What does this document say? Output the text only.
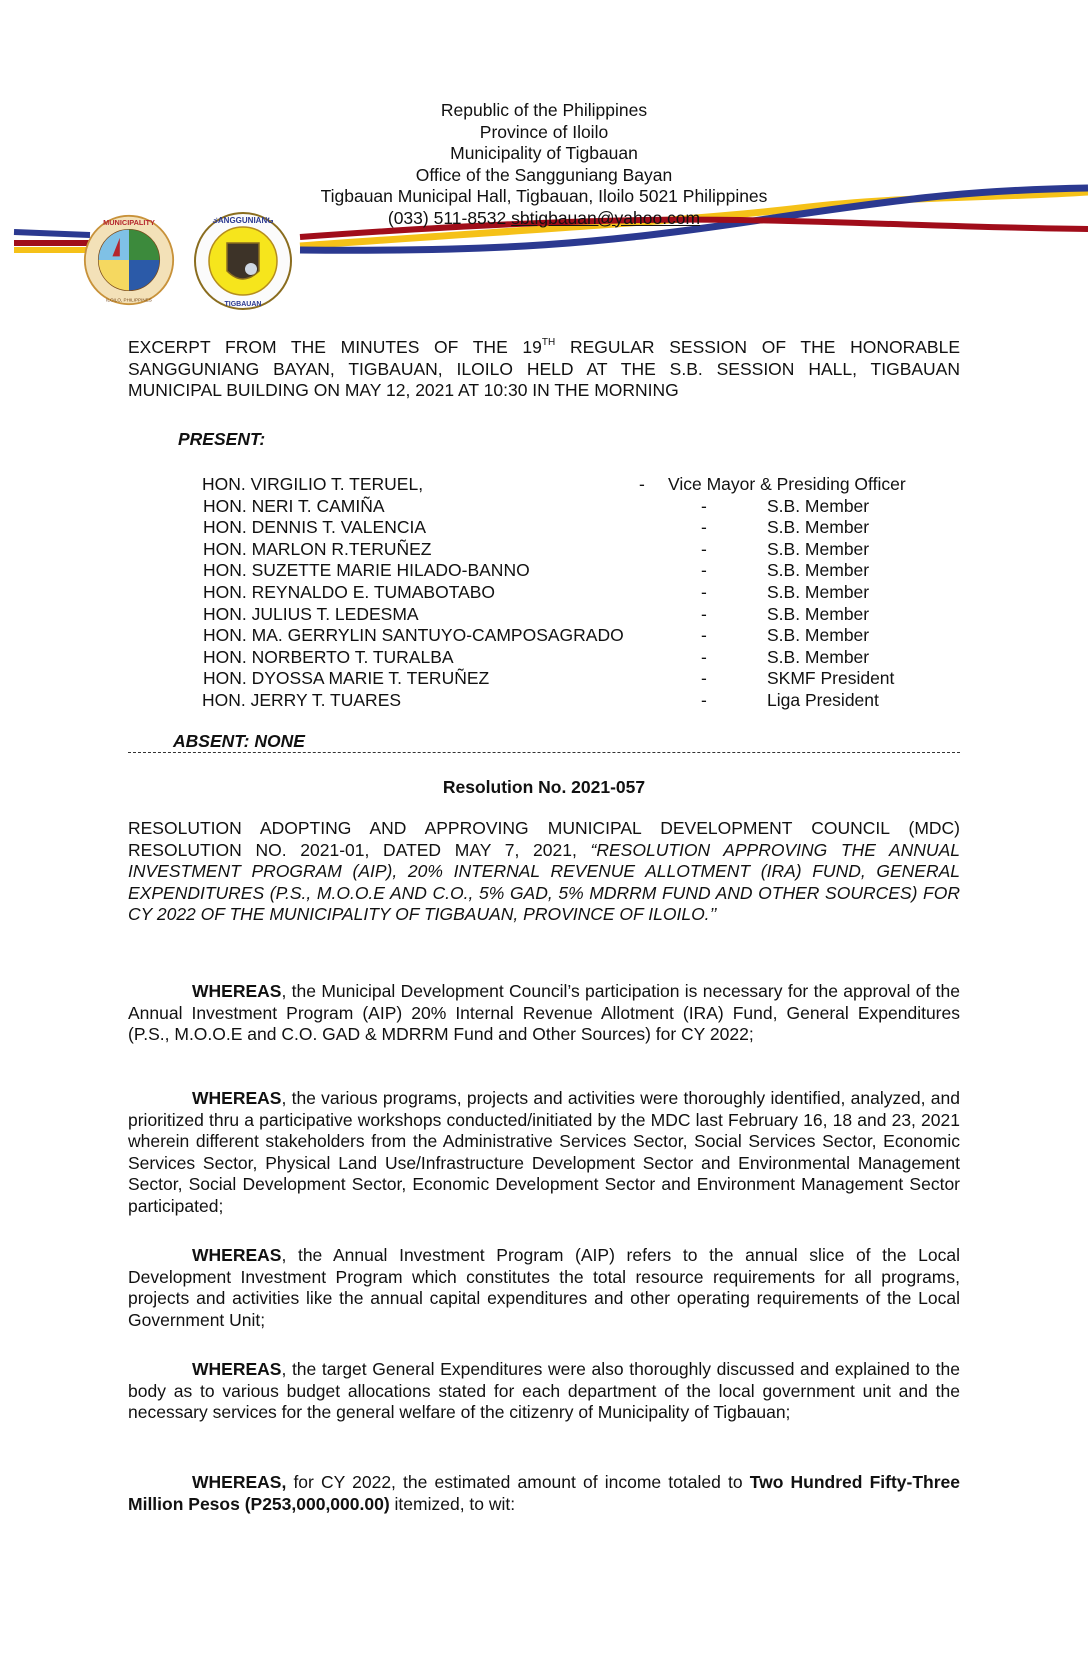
MUNICIPALITY
ILOILO, PHILIPPINES
SANGGUNIANG
TIGBAUAN
Republic of the Philippines
Province of Iloilo
Municipality of Tigbauan
Office of the Sangguniang Bayan
Tigbauan Municipal Hall, Tigbauan, Iloilo 5021 Philippines
(033) 511-8532 sbtigbauan@yahoo.com
EXCERPT FROM THE MINUTES OF THE 19TH REGULAR SESSION OF THE HONORABLE SANGGUNIANG BAYAN, TIGBAUAN, ILOILO HELD AT THE S.B. SESSION HALL, TIGBAUAN MUNICIPAL BUILDING ON MAY 12, 2021 AT 10:30 IN THE MORNING
PRESENT:
HON. VIRGILIO T. TERUEL,	- Vice Mayor & Presiding Officer
HON. NERI T. CAMIÑA	-	S.B. Member
HON. DENNIS T. VALENCIA	-	S.B. Member
HON. MARLON R.TERUÑEZ	-	S.B. Member
HON. SUZETTE MARIE HILADO-BANNO	-	S.B. Member
HON. REYNALDO E. TUMABOTABO	-	S.B. Member
HON. JULIUS T. LEDESMA	-	S.B. Member
HON. MA. GERRYLIN SANTUYO-CAMPOSAGRADO	-	S.B. Member
HON. NORBERTO T. TURALBA	-	S.B. Member
HON. DYOSSA MARIE T. TERUÑEZ	-	SKMF President
HON. JERRY T. TUARES	-	Liga President
ABSENT: NONE
Resolution No. 2021-057
RESOLUTION ADOPTING AND APPROVING MUNICIPAL DEVELOPMENT COUNCIL (MDC) RESOLUTION NO. 2021-01, DATED MAY 7, 2021, “RESOLUTION APPROVING THE ANNUAL INVESTMENT PROGRAM (AIP), 20% INTERNAL REVENUE ALLOTMENT (IRA) FUND, GENERAL EXPENDITURES (P.S., M.O.O.E AND C.O., 5% GAD, 5% MDRRM FUND AND OTHER SOURCES) FOR CY 2022 OF THE MUNICIPALITY OF TIGBAUAN, PROVINCE OF ILOILO.’’
WHEREAS, the Municipal Development Council’s participation is necessary for the approval of the Annual Investment Program (AIP) 20% Internal Revenue Allotment (IRA) Fund, General Expenditures (P.S., M.O.O.E and C.O. GAD & MDRRM Fund and Other Sources) for CY 2022;
WHEREAS, the various programs, projects and activities were thoroughly identified, analyzed, and prioritized thru a participative workshops conducted/initiated by the MDC last February 16, 18 and 23, 2021 wherein different stakeholders from the Administrative Services Sector, Social Services Sector, Economic Services Sector, Physical Land Use/Infrastructure Development Sector and Environmental Management Sector, Social Development Sector, Economic Development Sector and Environment Management Sector participated;
WHEREAS, the Annual Investment Program (AIP) refers to the annual slice of the Local Development Investment Program which constitutes the total resource requirements for all programs, projects and activities like the annual capital expenditures and other operating requirements of the Local Government Unit;
WHEREAS, the target General Expenditures were also thoroughly discussed and explained to the body as to various budget allocations stated for each department of the local government unit and the necessary services for the general welfare of the citizenry of Municipality of Tigbauan;
WHEREAS, for CY 2022, the estimated amount of income totaled to Two Hundred Fifty-Three Million Pesos (P253,000,000.00) itemized, to wit:
